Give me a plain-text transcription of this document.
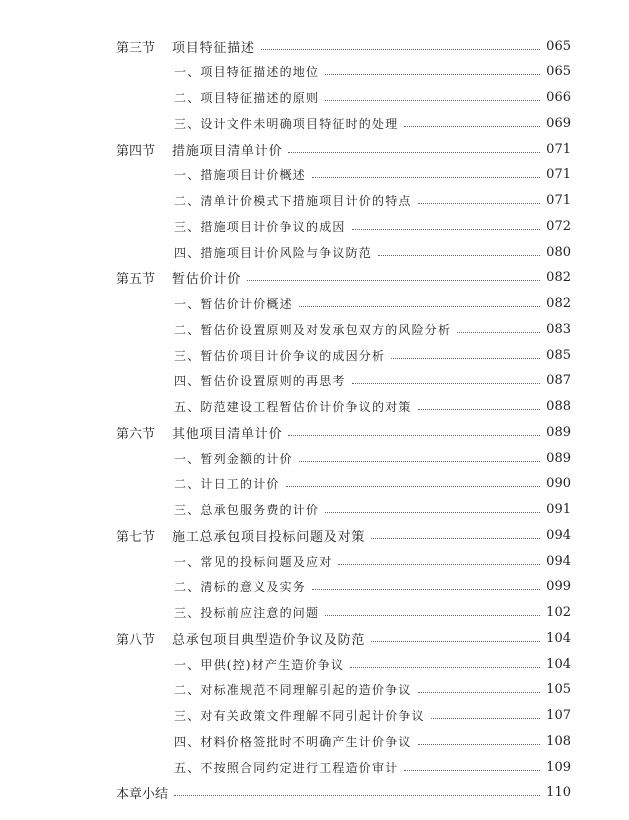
第三节	项目特征描述	065
一、项目特征描述的地位	065
二、项目特征描述的原则	066
三、设计文件未明确项目特征时的处理	069
第四节	措施项目清单计价	071
一、措施项目计价概述	071
二、清单计价模式下措施项目计价的特点	071
三、措施项目计价争议的成因	072
四、措施项目计价风险与争议防范	080
第五节	暂估价计价	082
一、暂估价计价概述	082
二、暂估价设置原则及对发承包双方的风险分析	083
三、暂估价项目计价争议的成因分析	085
四、暂估价设置原则的再思考	087
五、防范建设工程暂估价计价争议的对策	088
第六节	其他项目清单计价	089
一、暂列金额的计价	089
二、计日工的计价	090
三、总承包服务费的计价	091
第七节	施工总承包项目投标问题及对策	094
一、常见的投标问题及应对	094
二、清标的意义及实务	099
三、投标前应注意的问题	102
第八节	总承包项目典型造价争议及防范	104
一、甲供(控)材产生造价争议	104
二、对标准规范不同理解引起的造价争议	105
三、对有关政策文件理解不同引起计价争议	107
四、材料价格签批时不明确产生计价争议	108
五、不按照合同约定进行工程造价审计	109
本章小结	110
